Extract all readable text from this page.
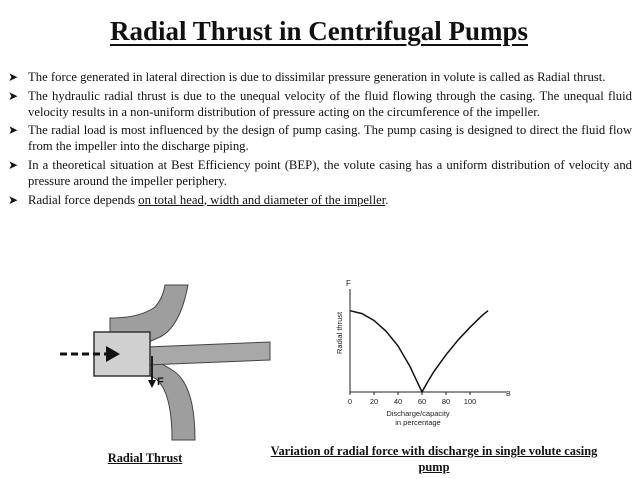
Radial Thrust in Centrifugal Pumps
➤ The force generated in lateral direction is due to dissimilar pressure generation in volute is called as Radial thrust.
➤ The hydraulic radial thrust is due to the unequal velocity of the fluid flowing through the casing. The unequal fluid velocity results in a non-uniform distribution of pressure acting on the circumference of the impeller.
➤ The radial load is most influenced by the design of pump casing. The pump casing is designed to direct the fluid flow from the impeller into the discharge piping.
➤ In a theoretical situation at Best Efficiency point (BEP), the volute casing has a uniform distribution of velocity and pressure around the impeller periphery.
➤ Radial force depends on total head, width and diameter of the impeller.
F
F
B
Radial thrust
0 20 40 60 80 100
Discharge/capacity
in percentage
Radial Thrust	Variation of radial force with discharge in single volute casing pump
